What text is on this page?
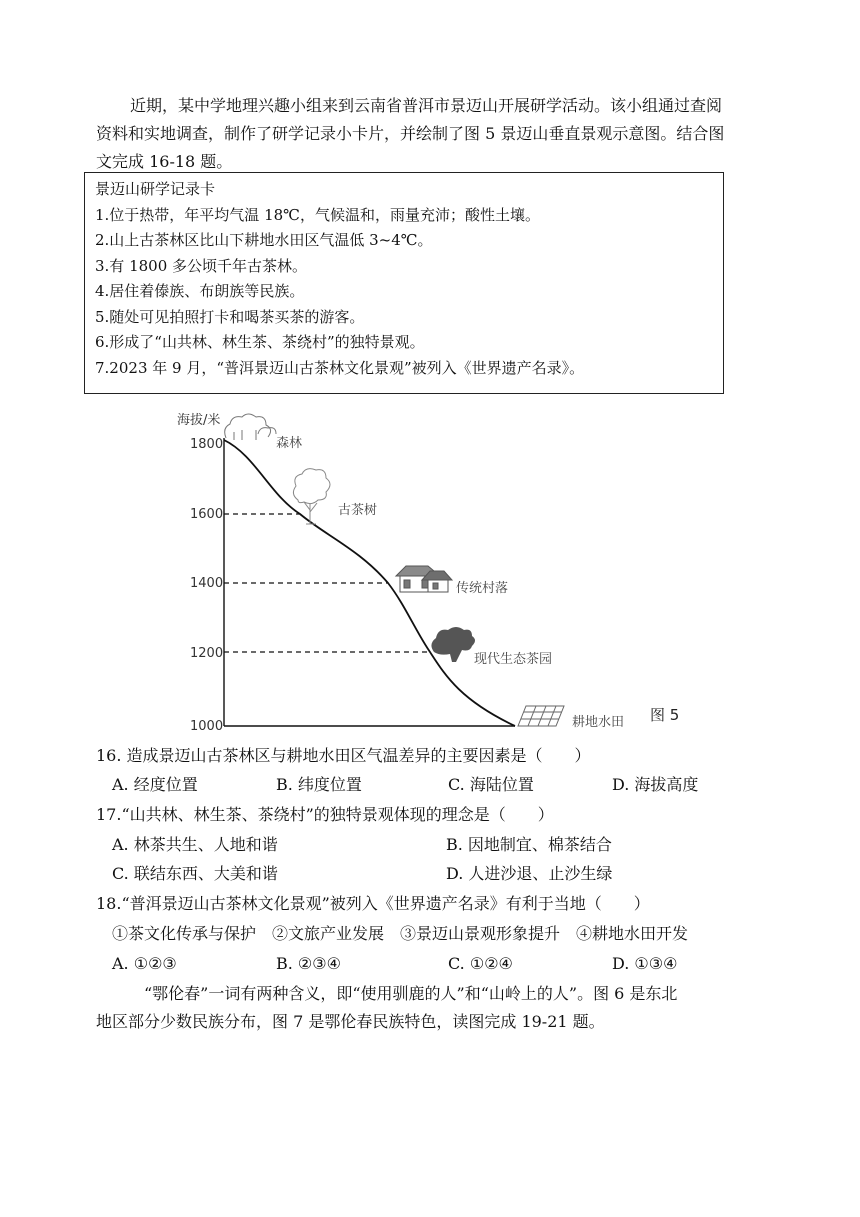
近期，某中学地理兴趣小组来到云南省普洱市景迈山开展研学活动。该小组通过查阅
资料和实地调查，制作了研学记录小卡片，并绘制了图 5 景迈山垂直景观示意图。结合图
文完成 16-18 题。
景迈山研学记录卡
1.位于热带，年平均气温 18℃，气候温和，雨量充沛；酸性土壤。
2.山上古茶林区比山下耕地水田区气温低 3~4℃。
3.有 1800 多公顷千年古茶林。
4.居住着傣族、布朗族等民族。
5.随处可见拍照打卡和喝茶买茶的游客。
6.形成了“山共林、林生茶、茶绕村”的独特景观。
7.2023 年 9 月，“普洱景迈山古茶林文化景观”被列入《世界遗产名录》。
海拔/米
1800
1600
1400
1200
1000
森林
古茶树
传统村落
现代生态茶园
耕地水田 图 5
16. 造成景迈山古茶林区与耕地水田区气温差异的主要因素是（　　）
A. 经度位置	B. 纬度位置	C. 海陆位置	D. 海拔高度
17.“山共林、林生茶、茶绕村”的独特景观体现的理念是（　　）
A. 林茶共生、人地和谐	B. 因地制宜、棉茶结合
C. 联结东西、大美和谐	D. 人进沙退、止沙生绿
18.“普洱景迈山古茶林文化景观”被列入《世界遗产名录》有利于当地（　　）
①茶文化传承与保护　②文旅产业发展　③景迈山景观形象提升　④耕地水田开发
A. ①②③	B. ②③④	C. ①②④	D. ①③④
“鄂伦春”一词有两种含义，即“使用驯鹿的人”和“山岭上的人”。图 6 是东北
地区部分少数民族分布，图 7 是鄂伦春民族特色，读图完成 19-21 题。
